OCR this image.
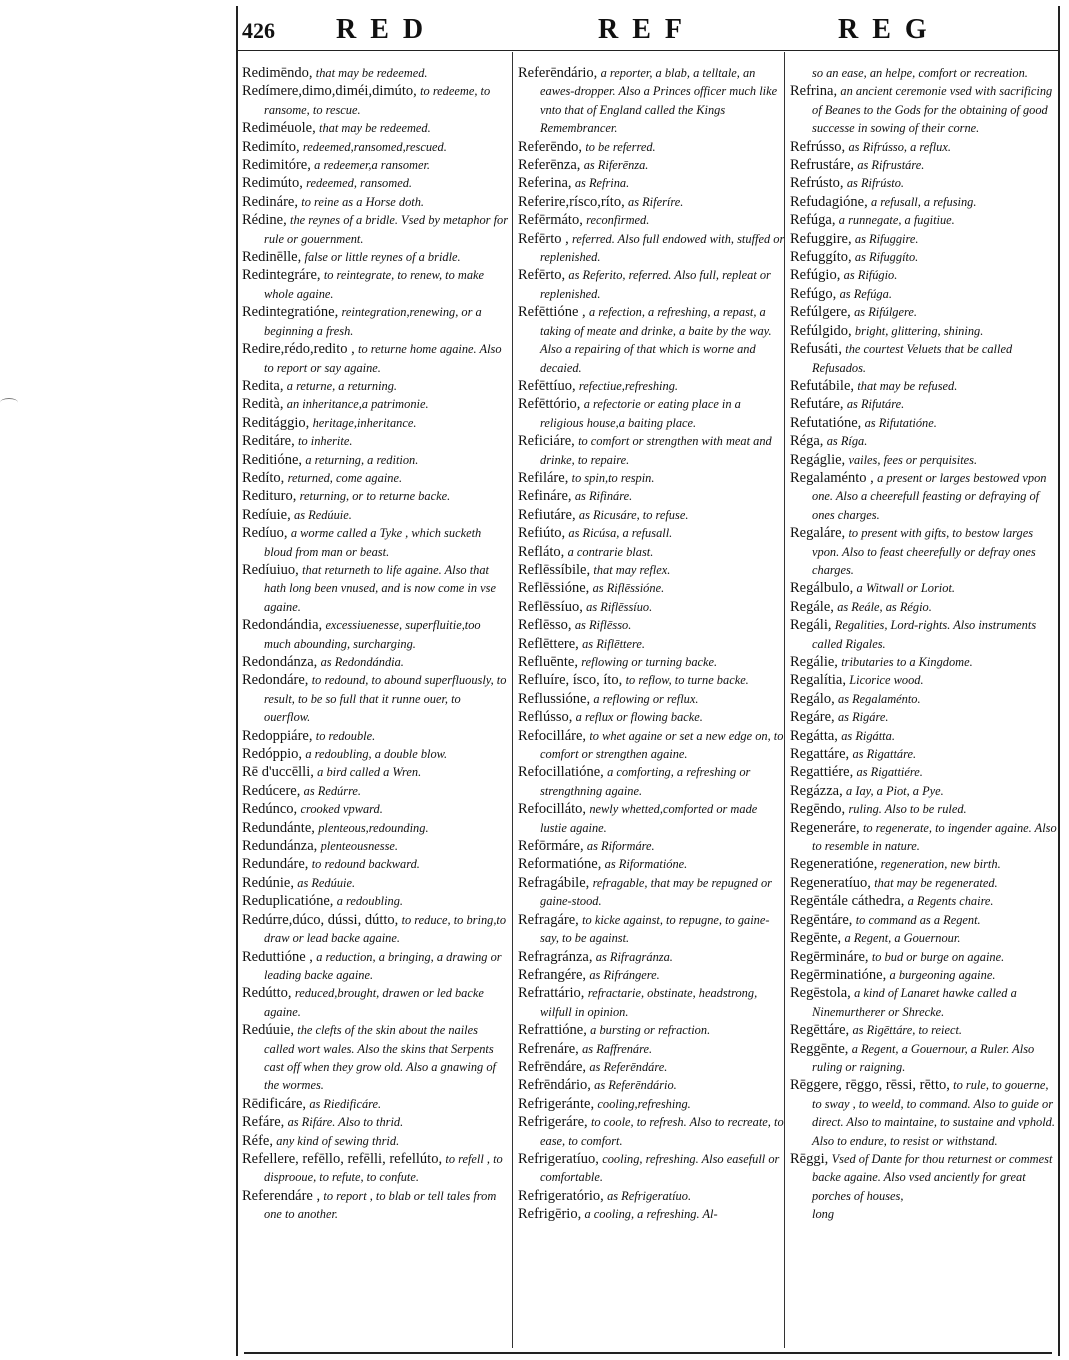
426 RED	REF	REG

Redimēndo, that may be redeemed.

Redímere,dimo,diméi,dimúto, to redeeme, to ransome, to rescue.

Rediméuole, that may be redeemed.

Redimíto, redeemed,ransomed,rescued.

Redimitóre, a redeemer,a ransomer.

Redimúto, redeemed, ransomed.

Redináre, to reine as a Horse doth.

Rédine, the reynes of a bridle. Vsed by metaphor for rule or gouernment.

Redinēlle, false or little reynes of a bridle.

Redintegráre, to reintegrate, to renew, to make whole againe.

Redintegratióne, reintegration,renewing, or a beginning a fresh.

Redire,rédo,redito , to returne home againe. Also to report or say againe.

Redita, a returne, a returning.

Redità, an inheritance,a patrimonie.

Reditággio, heritage,inheritance.

Reditáre, to inherite.

Reditióne, a returning, a redition.

Redíto, returned, come againe.

Redituro, returning, or to returne backe.

Redíuie, as Redúuie.

Redíuo, a worme called a Tyke , which sucketh bloud from man or beast.

Redíuiuo, that returneth to life againe. Also that hath long been vnused, and is now come in vse againe.

Redondándia, excessiuenesse, superfluitie,too much abounding, surcharging.

Redondánza, as Redondándia.

Redondáre, to redound, to abound superfluously, to result, to be so full that it runne ouer, to ouerflow.

Redoppiáre, to redouble.

Redóppio, a redoubling, a double blow.

Rē d'uccēlli, a bird called a Wren.

Redúcere, as Redúrre.

Redúnco, crooked vpward.

Redundánte, plenteous,redounding.

Redundánza, plenteousnesse.

Redundáre, to redound backward.

Redúnie, as Redúuie.

Reduplicatióne, a redoubling.

Redúrre,dúco, dússi, dútto, to reduce, to bring,to draw or lead backe againe.

Reduttióne , a reduction, a bringing, a drawing or leading backe againe.

Redútto, reduced,brought, drawen or led backe againe.

Redúuie, the clefts of the skin about the nailes called wort wales. Also the skins that Serpents cast off when they grow old. Also a gnawing of the wormes.

Rēdificáre, as Riedificáre.

Refáre, as Rifáre. Also to thrid.

Réfe, any kind of sewing thrid.

Refellere, refēllo, refēlli, refellúto, to refell , to disprooue, to refute, to confute.

Referendáre , to report , to blab or tell tales from one to another.

Referēndário, a reporter, a blab, a telltale, an eawes-dropper. Also a Princes officer much like vnto that of England called the Kings Remembrancer.

Referēndo, to be referred.

Referēnza, as Riferēnza.

Referina, as Refrina.

Referire,rísco,ríto, as Riferíre.

Refērmáto, reconfirmed.

Refērto , referred. Also full endowed with, stuffed or replenished.

Refērto, as Referito, referred. Also full, repleat or replenished.

Refēttióne , a refection, a refreshing, a repast, a taking of meate and drinke, a baite by the way. Also a repairing of that which is worne and decaied.

Refēttíuo, refectiue,refreshing.

Refēttório, a refectorie or eating place in a religious house,a baiting place.

Reficiáre, to comfort or strengthen with meat and drinke, to repaire.

Refiláre, to spin,to respin.

Refináre, as Rifináre.

Refiutáre, as Ricusáre, to refuse.

Refiúto, as Ricúsa, a refusall.

Refláto, a contrarie blast.

Reflēssíbile, that may reflex.

Reflēssióne, as Riflēssióne.

Reflēssíuo, as Riflēssíuo.

Reflēsso, as Riflēsso.

Reflēttere, as Riflēttere.

Refluēnte, reflowing or turning backe.

Refluíre, ísco, íto, to reflow, to turne backe.

Reflussióne, a reflowing or reflux.

Reflússo, a reflux or flowing backe.

Refocilláre, to whet againe or set a new edge on, to comfort or strengthen againe.

Refocillatióne, a comforting, a refreshing or strengthning againe.

Refocilláto, newly whetted,comforted or made lustie againe.

Refōrmáre, as Riformáre.

Reformatióne, as Riformatióne.

Refragábile, refragable, that may be repugned or gaine-stood.

Refragáre, to kicke against, to repugne, to gaine-say, to be against.

Refragránza, as Rifragránza.

Refrangére, as Rifrángere.

Refrattário, refractarie, obstinate, headstrong, wilfull in opinion.

Refrattióne, a bursting or refraction.

Refrenáre, as Raffrenáre.

Refrēndáre, as Referēndáre.

Refrēndário, as Referēndário.

Refrigeránte, cooling,refreshing.

Refrigeráre, to coole, to refresh. Also to recreate, to ease, to comfort.

Refrigeratíuo, cooling, refreshing. Also easefull or comfortable.

Refrigeratório, as Refrigeratíuo.

Refrigērio, a cooling, a refreshing. Al-

so an ease, an helpe, comfort or recreation.

Refrina, an ancient ceremonie vsed with sacrificing of Beanes to the Gods for the obtaining of good successe in sowing of their corne.

Refrússo, as Rifrússo, a reflux.

Refrustáre, as Rifrustáre.

Refrústo, as Rifrústo.

Refudagióne, a refusall, a refusing.

Refúga, a runnegate, a fugitiue.

Refuggire, as Rifuggire.

Refuggíto, as Rifuggíto.

Refúgio, as Rifúgio.

Refúgo, as Refúga.

Refúlgere, as Rifúlgere.

Refúlgido, bright, glittering, shining.

Refusáti, the courtest Veluets that be called Refusados.

Refutábile, that may be refused.

Refutáre, as Rifutáre.

Refutatióne, as Rifutatióne.

Réga, as Ríga.

Regáglie, vailes, fees or perquisites.

Regalaménto , a present or larges bestowed vpon one. Also a cheerefull feasting or defraying of ones charges.

Regaláre, to present with gifts, to bestow larges vpon. Also to feast cheerefully or defray ones charges.

Regálbulo, a Witwall or Loriot.

Regále, as Reále, as Régio.

Regáli, Regalities, Lord-rights. Also instruments called Rigales.

Regálie, tributaries to a Kingdome.

Regalítia, Licorice wood.

Regálo, as Regalaménto.

Regáre, as Rigáre.

Regátta, as Rigátta.

Regattáre, as Rigattáre.

Regattiére, as Rigattiére.

Regázza, a Iay, a Piot, a Pye.

Regēndo, ruling. Also to be ruled.

Regeneráre, to regenerate, to ingender againe. Also to resemble in nature.

Regeneratióne, regeneration, new birth.

Regeneratíuo, that may be regenerated.

Regēntále cáthedra, a Regents chaire.

Regēntáre, to command as a Regent.

Regēnte, a Regent, a Gouernour.

Regērmináre, to bud or burge on againe.

Regērminatióne, a burgeoning againe.

Regēstola, a kind of Lanaret hawke called a Ninemurtherer or Shrecke.

Regēttáre, as Rigēttáre, to reiect.

Reggēnte, a Regent, a Gouernour, a Ruler. Also ruling or raigning.

Rēggere, rēggo, rēssi, rētto, to rule, to gouerne, to sway , to weeld, to command. Also to guide or direct. Also to maintaine, to sustaine and vphold. Also to endure, to resist or withstand.

Rēggi, Vsed of Dante for thou returnest or commest backe againe. Also vsed anciently for great porches of houses,

long
